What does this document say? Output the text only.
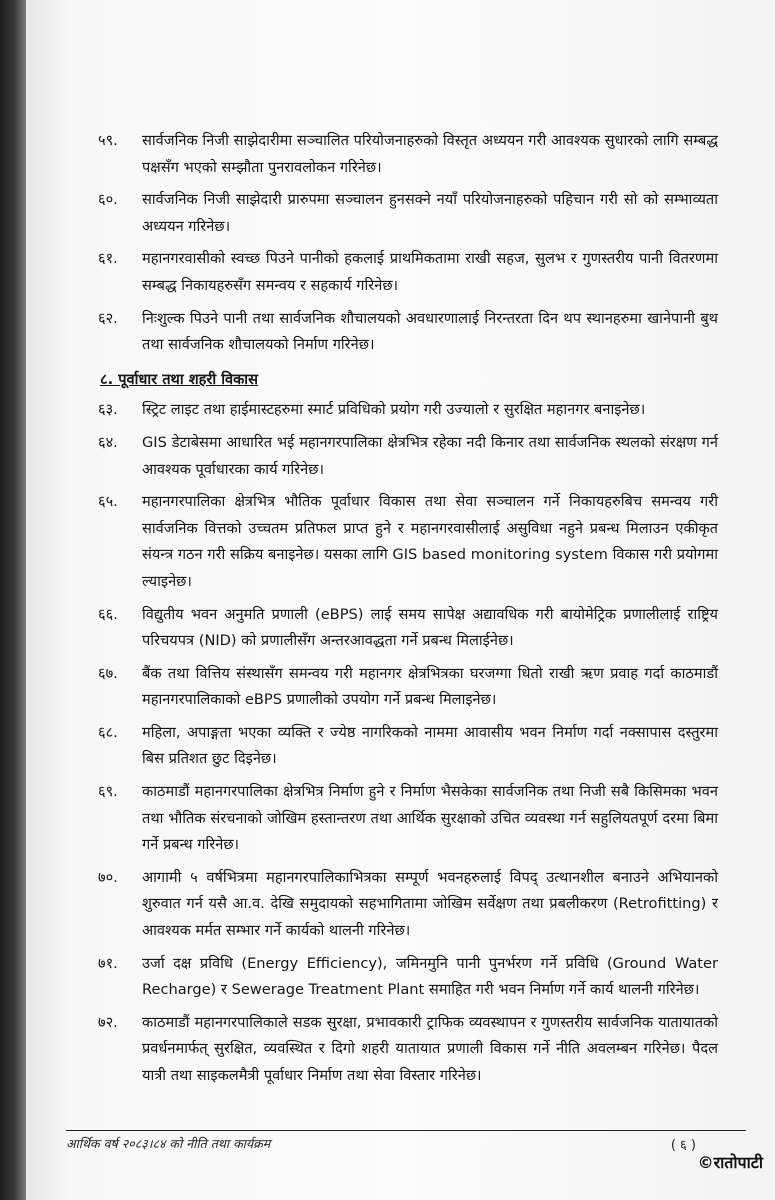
५९.	सार्वजनिक निजी साझेदारीमा सञ्चालित परियोजनाहरुको विस्तृत अध्ययन गरी आवश्यक सुधारको लागि सम्बद्ध पक्षसँग भएको सम्झौता पुनरावलोकन गरिनेछ।
६०.	सार्वजनिक निजी साझेदारी प्रारुपमा सञ्चालन हुनसक्ने नयाँ परियोजनाहरुको पहिचान गरी सो को सम्भाव्यता अध्ययन गरिनेछ।
६१.	महानगरवासीको स्वच्छ पिउने पानीको हकलाई प्राथमिकतामा राखी सहज, सुलभ र गुणस्तरीय पानी वितरणमा सम्बद्ध निकायहरुसँग समन्वय र सहकार्य गरिनेछ।
६२.	निःशुल्क पिउने पानी तथा सार्वजनिक शौचालयको अवधारणालाई निरन्तरता दिन थप स्थानहरुमा खानेपानी बुथ तथा सार्वजनिक शौचालयको निर्माण गरिनेछ।
८. पूर्वाधार तथा शहरी विकास
६३.	स्ट्रिट लाइट तथा हाईमास्टहरुमा स्मार्ट प्रविधिको प्रयोग गरी उज्यालो र सुरक्षित महानगर बनाइनेछ।
६४.	GIS डेटाबेसमा आधारित भई महानगरपालिका क्षेत्रभित्र रहेका नदी किनार तथा सार्वजनिक स्थलको संरक्षण गर्न आवश्यक पूर्वाधारका कार्य गरिनेछ।
६५.	महानगरपालिका क्षेत्रभित्र भौतिक पूर्वाधार विकास तथा सेवा सञ्चालन गर्ने निकायहरुबिच समन्वय गरी सार्वजनिक वित्तको उच्चतम प्रतिफल प्राप्त हुने र महानगरवासीलाई असुविधा नहुने प्रबन्ध मिलाउन एकीकृत संयन्त्र गठन गरी सक्रिय बनाइनेछ। यसका लागि GIS based monitoring system विकास गरी प्रयोगमा ल्याइनेछ।
६६.	विद्युतीय भवन अनुमति प्रणाली (eBPS) लाई समय सापेक्ष अद्यावधिक गरी बायोमेट्रिक प्रणालीलाई राष्ट्रिय परिचयपत्र (NID) को प्रणालीसँग अन्तरआवद्धता गर्ने प्रबन्ध मिलाईनेछ।
६७.	बैंक तथा वित्तिय संस्थासँग समन्वय गरी महानगर क्षेत्रभित्रका घरजग्गा धितो राखी ऋण प्रवाह गर्दा काठमाडौं महानगरपालिकाको eBPS प्रणालीको उपयोग गर्ने प्रबन्ध मिलाइनेछ।
६८.	महिला, अपाङ्गता भएका व्यक्ति र ज्येष्ठ नागरिकको नाममा आवासीय भवन निर्माण गर्दा नक्सापास दस्तुरमा बिस प्रतिशत छुट दिइनेछ।
६९.	काठमाडौं महानगरपालिका क्षेत्रभित्र निर्माण हुने र निर्माण भैसकेका सार्वजनिक तथा निजी सबै किसिमका भवन तथा भौतिक संरचनाको जोखिम हस्तान्तरण तथा आर्थिक सुरक्षाको उचित व्यवस्था गर्न सहुलियतपूर्ण दरमा बिमा गर्ने प्रबन्ध गरिनेछ।
७०.	आगामी ५ वर्षभित्रमा महानगरपालिकाभित्रका सम्पूर्ण भवनहरुलाई विपद् उत्थानशील बनाउने अभियानको शुरुवात गर्न यसै आ.व. देखि समुदायको सहभागितामा जोखिम सर्वेक्षण तथा प्रबलीकरण (Retrofitting) र आवश्यक मर्मत सम्भार गर्ने कार्यको थालनी गरिनेछ।
७१.	उर्जा दक्ष प्रविधि (Energy Efficiency), जमिनमुनि पानी पुनर्भरण गर्ने प्रविधि (Ground Water Recharge) र Sewerage Treatment Plant समाहित गरी भवन निर्माण गर्ने कार्य थालनी गरिनेछ।
७२.	काठमाडौं महानगरपालिकाले सडक सुरक्षा, प्रभावकारी ट्राफिक व्यवस्थापन र गुणस्तरीय सार्वजनिक यातायातको प्रवर्धनमार्फत् सुरक्षित, व्यवस्थित र दिगो शहरी यातायात प्रणाली विकास गर्ने नीति अवलम्बन गरिनेछ। पैदल यात्री तथा साइकलमैत्री पूर्वाधार निर्माण तथा सेवा विस्तार गरिनेछ।
आर्थिक वर्ष २०८३।८४ को नीति तथा कार्यक्रम	( ६ )
©रातोपाटी
